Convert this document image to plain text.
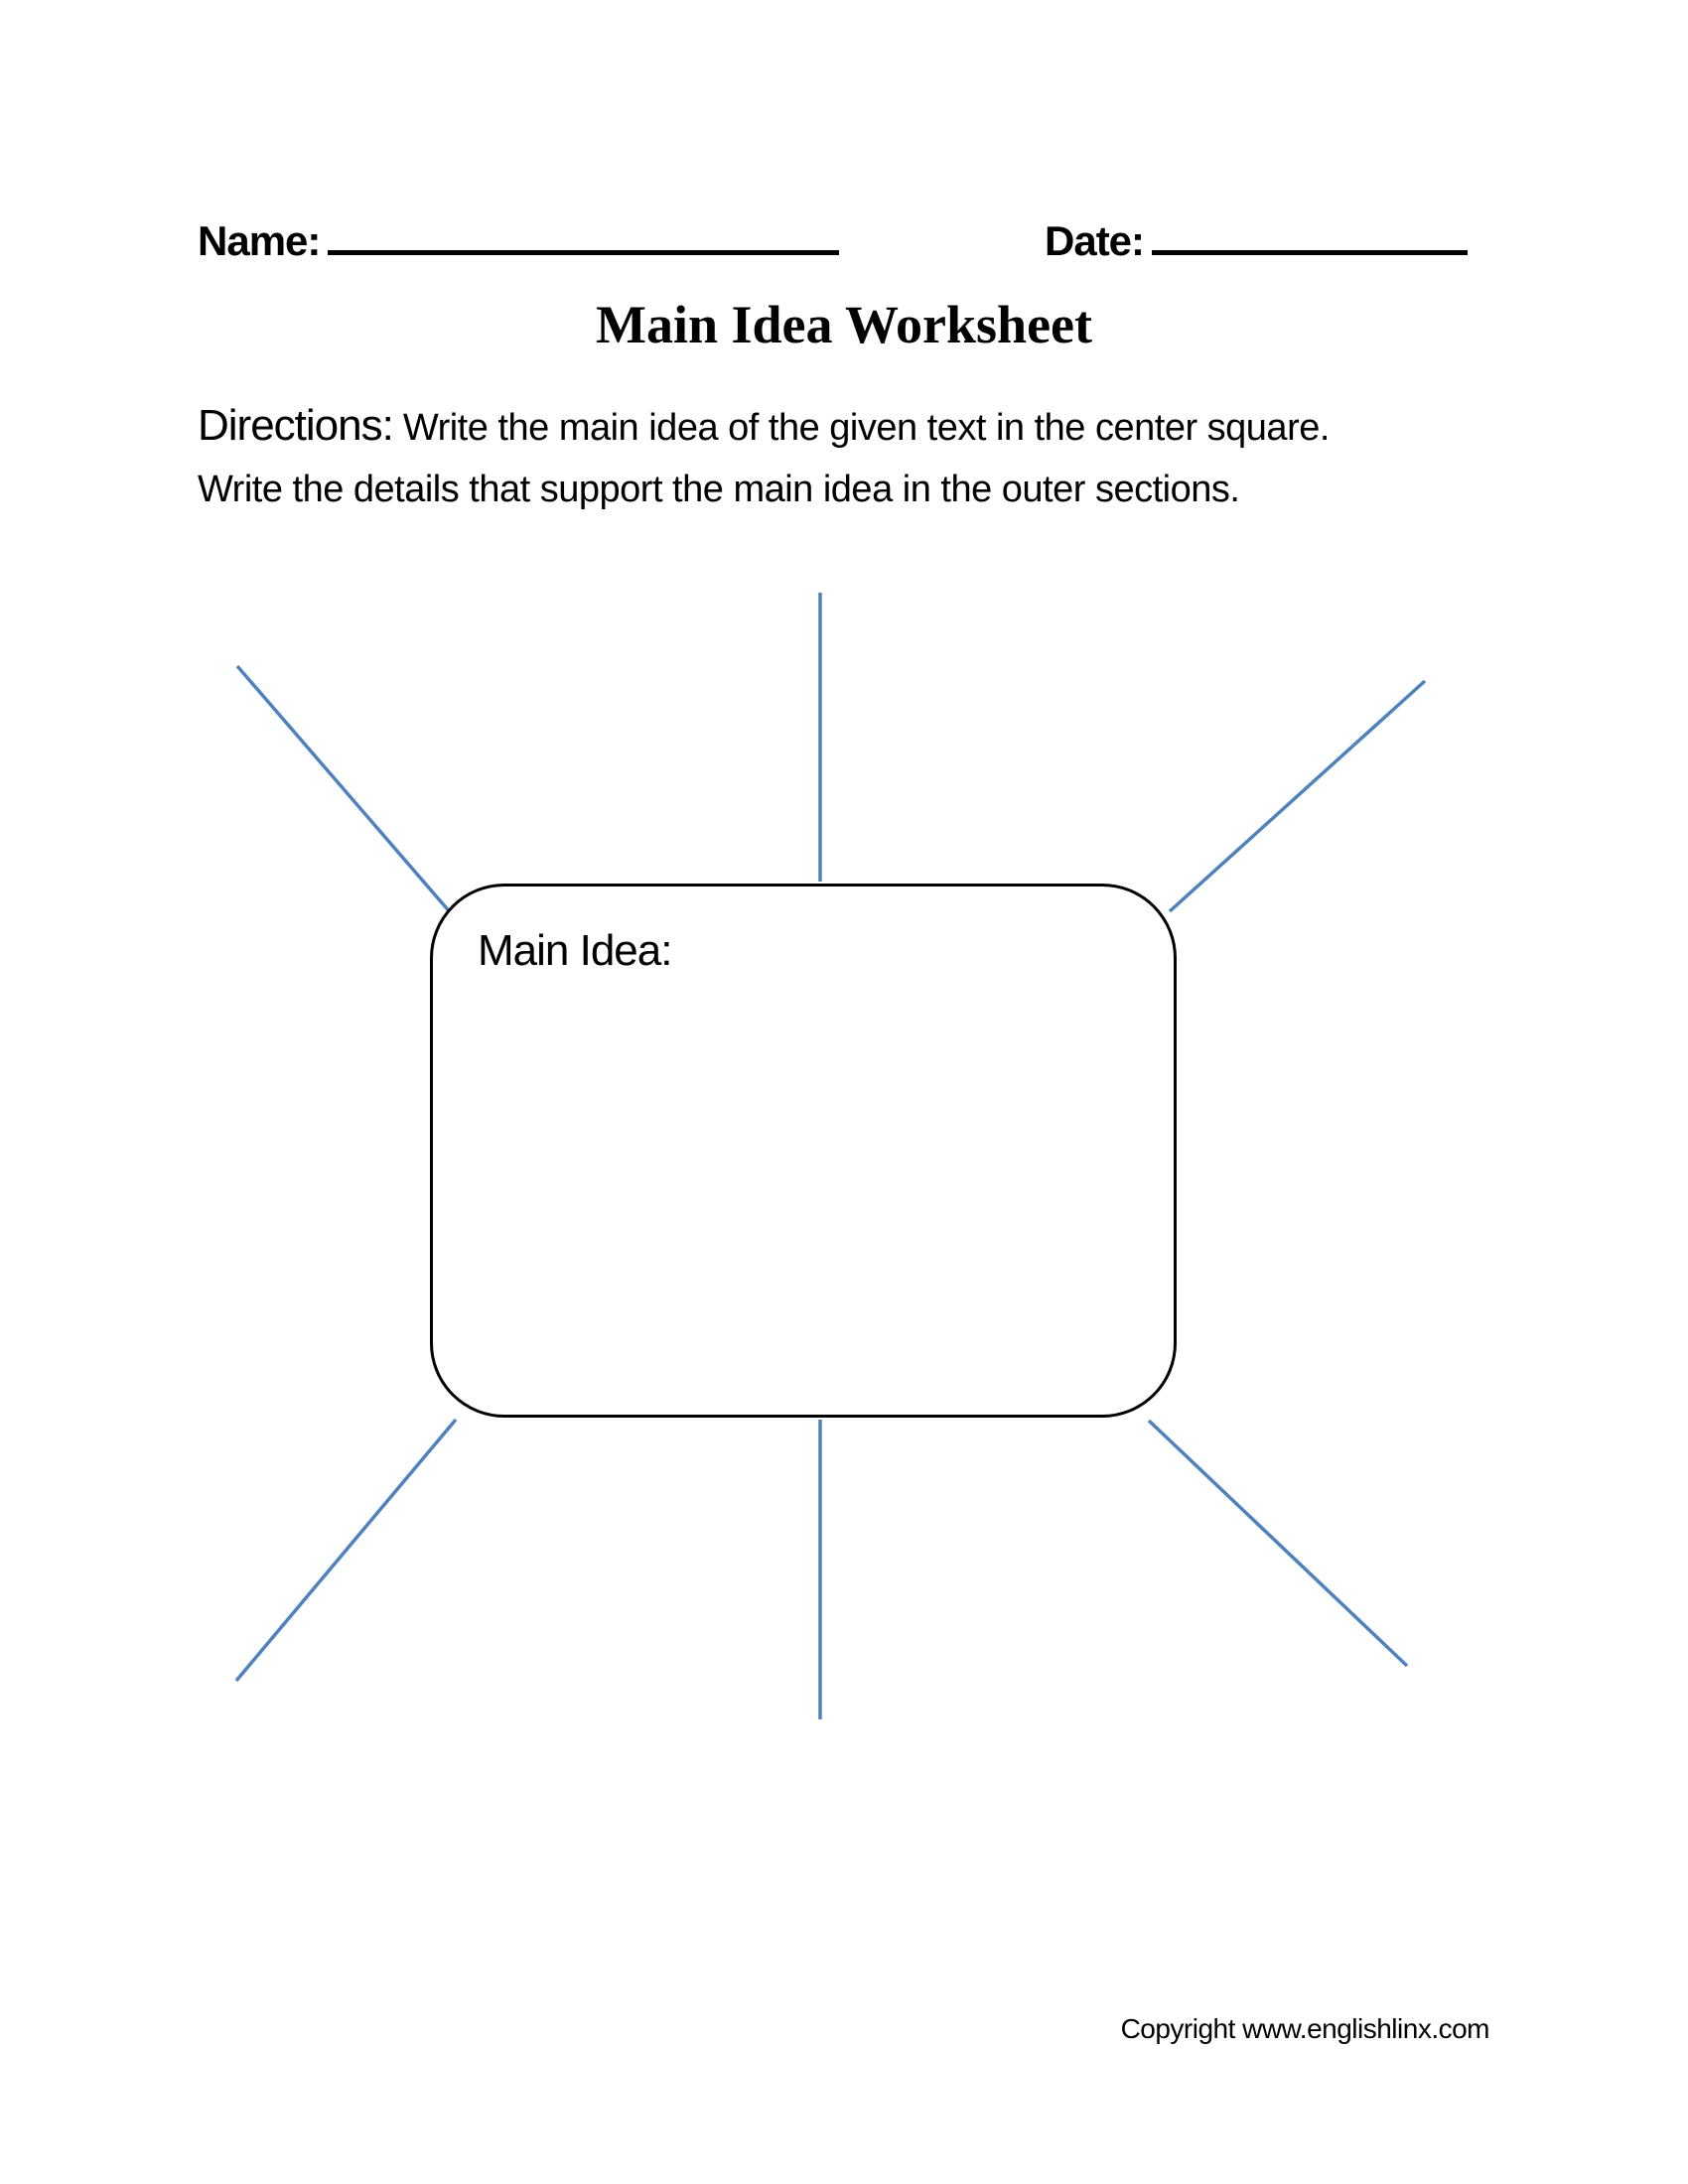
Name:	Date:
Main Idea Worksheet
Directions: Write the main idea of the given text in the center square.
Write the details that support the main idea in the outer sections.
Main Idea:
Copyright www.englishlinx.com
